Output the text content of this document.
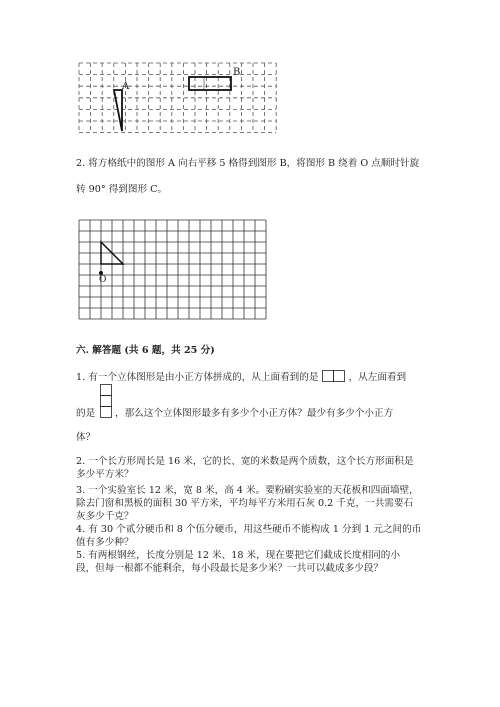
A
B
2. 将方格纸中的图形 A 向右平移 5 格得到图形 B，将图形 B 绕着 O 点顺时针旋
转 90° 得到图形 C。
O
六. 解答题 (共 6 题，共 25 分)
1. 有一个立体图形是由小正方体拼成的，从上面看到的是	，从左面看到
的是 ，那么这个立体图形最多有多少个小正方体？最少有多少个小正方
体？
2. 一个长方形周长是 16 米，它的长、宽的米数是两个质数，这个长方形面积是
多少平方米？
3. 一个实验室长 12 米，宽 8 米，高 4 米。要粉刷实验室的天花板和四面墙壁，
除去门窗和黑板的面积 30 平方米，平均每平方米用石灰 0.2 千克，一共需要石
灰多少千克？
4. 有 30 个贰分硬币和 8 个伍分硬币，用这些硬币不能构成 1 分到 1 元之间的币
值有多少种？
5. 有两根钢丝，长度分别是 12 米、18 米，现在要把它们截成长度相同的小
段，但每一根都不能剩余，每小段最长是多少米？一共可以截成多少段？
